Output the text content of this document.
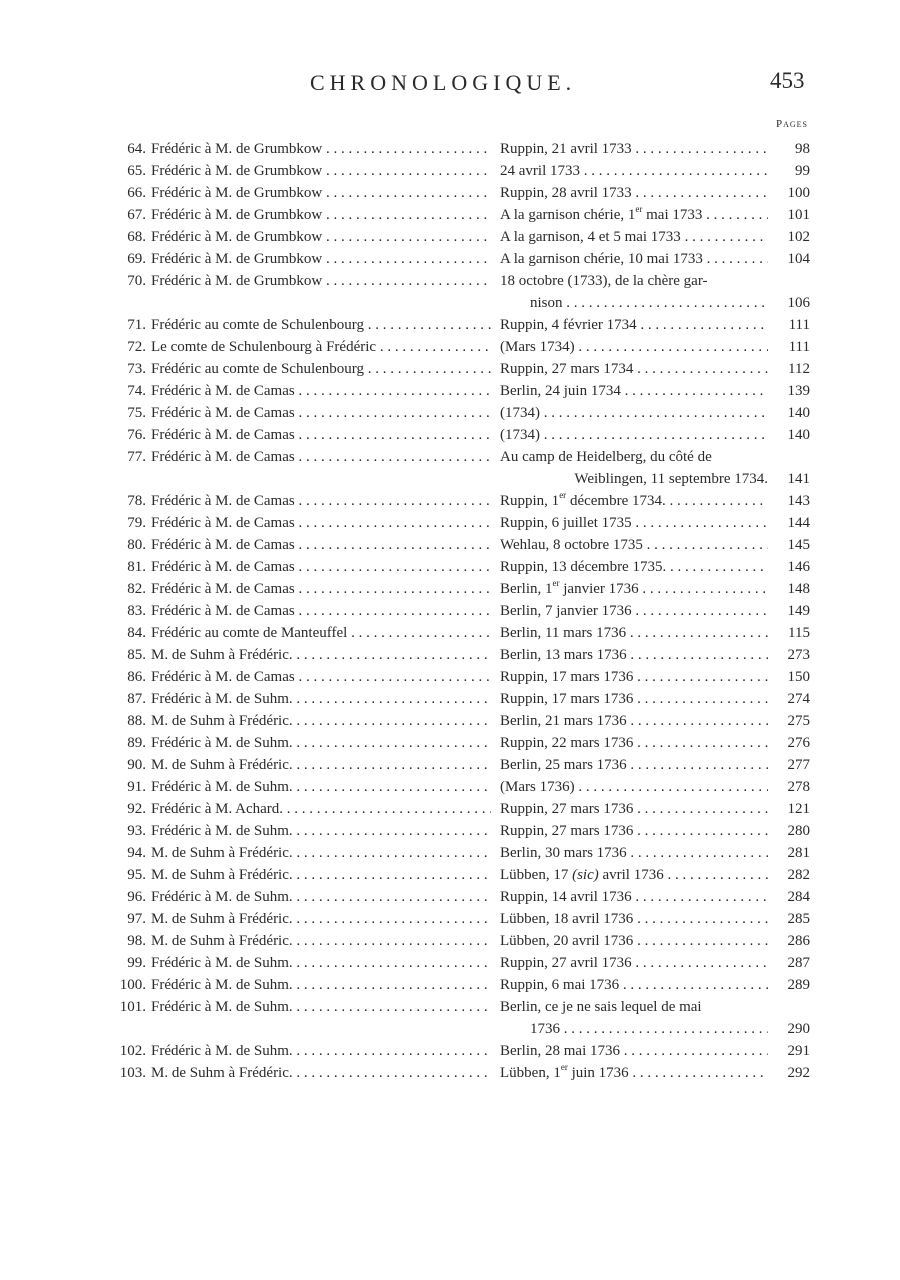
CHRONOLOGIQUE.	453
Pages
64. Frédéric à M. de Grumbkow . . .	Ruppin, 21 avril 1733 . . .	98
65. Frédéric à M. de Grumbkow . . .	24 avril 1733 . . .	99
66. Frédéric à M. de Grumbkow . . .	Ruppin, 28 avril 1733 . . .	100
67. Frédéric à M. de Grumbkow . . .	A la garnison chérie, 1er mai 1733 . . .	101
68. Frédéric à M. de Grumbkow . . .	A la garnison, 4 et 5 mai 1733 . . .	102
69. Frédéric à M. de Grumbkow . . .	A la garnison chérie, 10 mai 1733 . . .	104
70. Frédéric à M. de Grumbkow . . .	18 octobre (1733), de la chère gar-
nison . . .	106
71. Frédéric au comte de Schulenbourg . . .	Ruppin, 4 février 1734 . . .	111
72. Le comte de Schulenbourg à Frédéric . . .	(Mars 1734) . . .	111
73. Frédéric au comte de Schulenbourg . . .	Ruppin, 27 mars 1734 . . .	112
74. Frédéric à M. de Camas . . .	Berlin, 24 juin 1734 . . .	139
75. Frédéric à M. de Camas . . .	(1734) . . .	140
76. Frédéric à M. de Camas . . .	(1734) . . .	140
77. Frédéric à M. de Camas . . .	Au camp de Heidelberg, du côté de
Weiblingen, 11 septembre 1734.	141
78. Frédéric à M. de Camas . . .	Ruppin, 1er décembre 1734. . . .	143
79. Frédéric à M. de Camas . . .	Ruppin, 6 juillet 1735 . . .	144
80. Frédéric à M. de Camas . . .	Wehlau, 8 octobre 1735 . . .	145
81. Frédéric à M. de Camas . . .	Ruppin, 13 décembre 1735. . . .	146
82. Frédéric à M. de Camas . . .	Berlin, 1er janvier 1736 . . .	148
83. Frédéric à M. de Camas . . .	Berlin, 7 janvier 1736 . . .	149
84. Frédéric au comte de Manteuffel . . .	Berlin, 11 mars 1736 . . .	115
85. M. de Suhm à Frédéric. . . .	Berlin, 13 mars 1736 . . .	273
86. Frédéric à M. de Camas . . .	Ruppin, 17 mars 1736 . . .	150
87. Frédéric à M. de Suhm. . . .	Ruppin, 17 mars 1736 . . .	274
88. M. de Suhm à Frédéric. . . .	Berlin, 21 mars 1736 . . .	275
89. Frédéric à M. de Suhm. . . .	Ruppin, 22 mars 1736 . . .	276
90. M. de Suhm à Frédéric. . . .	Berlin, 25 mars 1736 . . .	277
91. Frédéric à M. de Suhm. . . .	(Mars 1736) . . .	278
92. Frédéric à M. Achard. . . .	Ruppin, 27 mars 1736 . . .	121
93. Frédéric à M. de Suhm. . . .	Ruppin, 27 mars 1736 . . .	280
94. M. de Suhm à Frédéric. . . .	Berlin, 30 mars 1736 . . .	281
95. M. de Suhm à Frédéric. . . .	Lübben, 17 (sic) avril 1736 . . .	282
96. Frédéric à M. de Suhm. . . .	Ruppin, 14 avril 1736 . . .	284
97. M. de Suhm à Frédéric. . . .	Lübben, 18 avril 1736 . . .	285
98. M. de Suhm à Frédéric. . . .	Lübben, 20 avril 1736 . . .	286
99. Frédéric à M. de Suhm. . . .	Ruppin, 27 avril 1736 . . .	287
100. Frédéric à M. de Suhm. . . .	Ruppin, 6 mai 1736 . . .	289
101. Frédéric à M. de Suhm. . . .	Berlin, ce je ne sais lequel de mai
1736 . . .	290
102. Frédéric à M. de Suhm. . . .	Berlin, 28 mai 1736 . . .	291
103. M. de Suhm à Frédéric. . . .	Lübben, 1er juin 1736 . . .	292
